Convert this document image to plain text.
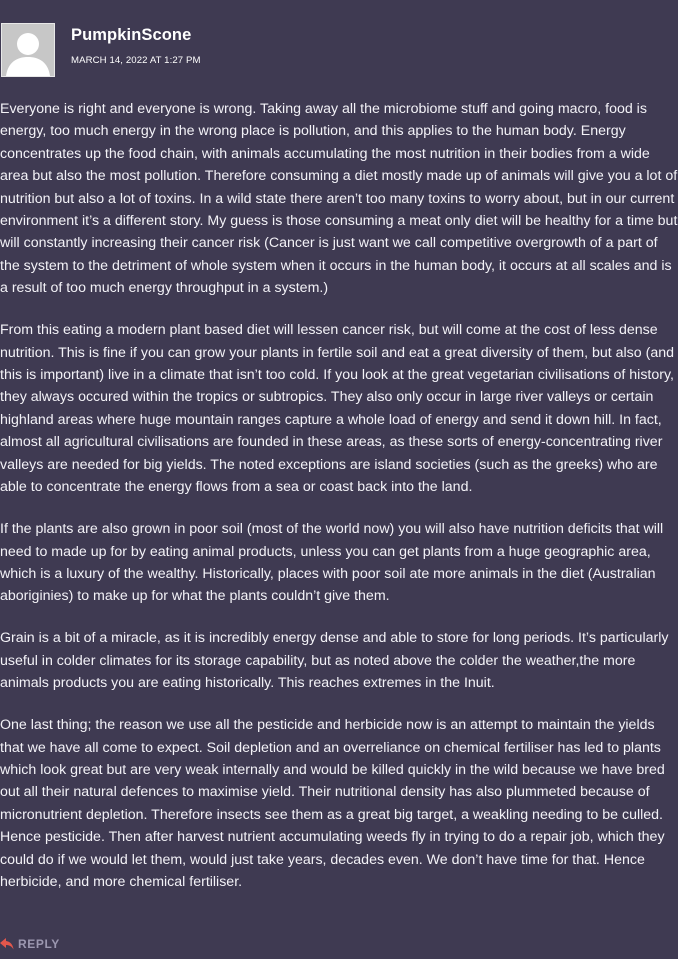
PumpkinScone
MARCH 14, 2022 AT 1:27 PM

Everyone is right and everyone is wrong. Taking away all the microbiome stuff and going macro, food is energy, too much energy in the wrong place is pollution, and this applies to the human body. Energy concentrates up the food chain, with animals accumulating the most nutrition in their bodies from a wide area but also the most pollution. Therefore consuming a diet mostly made up of animals will give you a lot of nutrition but also a lot of toxins. In a wild state there aren’t too many toxins to worry about, but in our current environment it’s a different story. My guess is those consuming a meat only diet will be healthy for a time but will constantly increasing their cancer risk (Cancer is just want we call competitive overgrowth of a part of the system to the detriment of whole system when it occurs in the human body, it occurs at all scales and is a result of too much energy throughput in a system.)

From this eating a modern plant based diet will lessen cancer risk, but will come at the cost of less dense nutrition. This is fine if you can grow your plants in fertile soil and eat a great diversity of them, but also (and this is important) live in a climate that isn’t too cold. If you look at the great vegetarian civilisations of history, they always occured within the tropics or subtropics. They also only occur in large river valleys or certain highland areas where huge mountain ranges capture a whole load of energy and send it down hill. In fact, almost all agricultural civilisations are founded in these areas, as these sorts of energy-concentrating river valleys are needed for big yields. The noted exceptions are island societies (such as the greeks) who are able to concentrate the energy flows from a sea or coast back into the land.

If the plants are also grown in poor soil (most of the world now) you will also have nutrition deficits that will need to made up for by eating animal products, unless you can get plants from a huge geographic area, which is a luxury of the wealthy. Historically, places with poor soil ate more animals in the diet (Australian aboriginies) to make up for what the plants couldn’t give them.

Grain is a bit of a miracle, as it is incredibly energy dense and able to store for long periods. It’s particularly useful in colder climates for its storage capability, but as noted above the colder the weather,the more animals products you are eating historically. This reaches extremes in the Inuit.

One last thing; the reason we use all the pesticide and herbicide now is an attempt to maintain the yields that we have all come to expect. Soil depletion and an overreliance on chemical fertiliser has led to plants which look great but are very weak internally and would be killed quickly in the wild because we have bred out all their natural defences to maximise yield. Their nutritional density has also plummeted because of micronutrient depletion. Therefore insects see them as a great big target, a weakling needing to be culled. Hence pesticide. Then after harvest nutrient accumulating weeds fly in trying to do a repair job, which they could do if we would let them, would just take years, decades even. We don’t have time for that. Hence herbicide, and more chemical fertiliser.

REPLY
